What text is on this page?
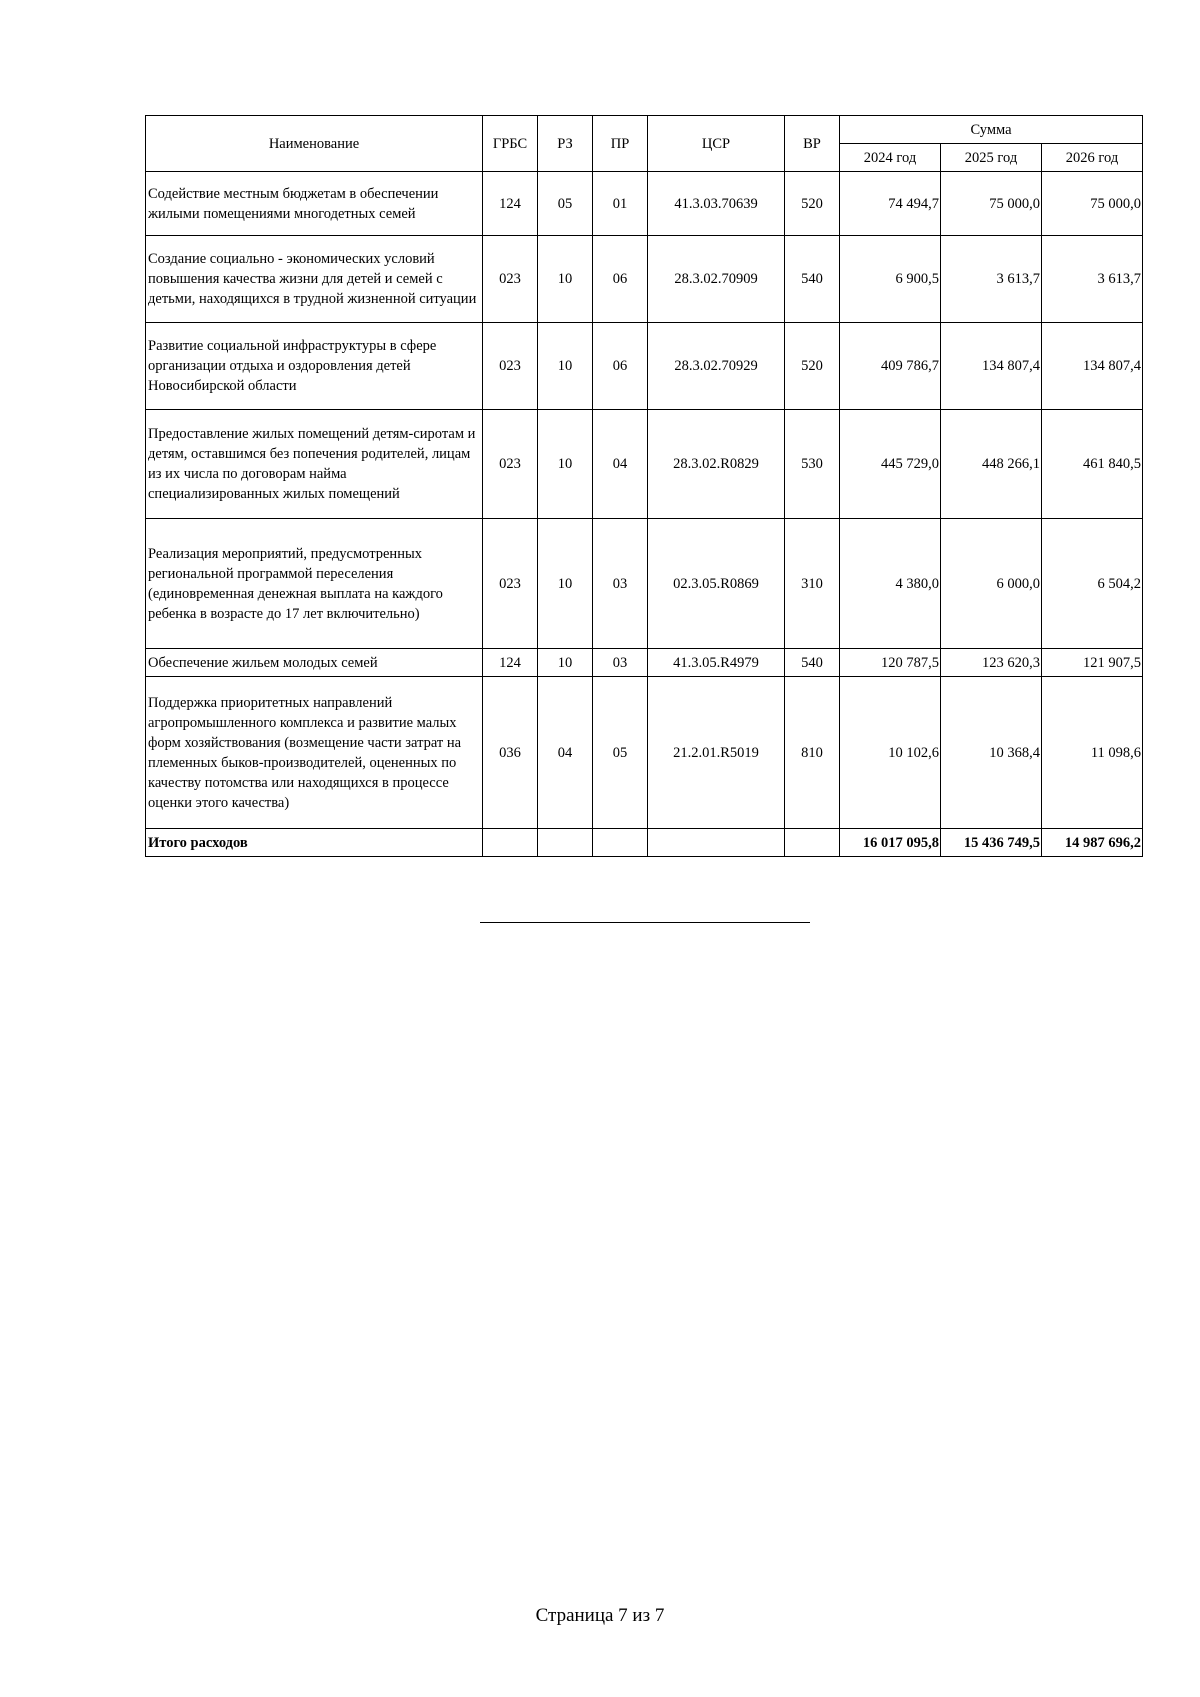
Наименование	ГРБС	РЗ	ПР	ЦСР	ВР	Сумма		
						2024 год	2025 год	2026 год
Содействие местным бюджетам в обеспечении жилыми помещениями многодетных семей	124	05	01	41.3.03.70639	520	74 494,7	75 000,0	75 000,0
Создание социально - экономических условий повышения качества жизни для детей и семей с детьми, находящихся в трудной жизненной ситуации	023	10	06	28.3.02.70909	540	6 900,5	3 613,7	3 613,7
Развитие социальной инфраструктуры в сфере организации отдыха и оздоровления детей Новосибирской области	023	10	06	28.3.02.70929	520	409 786,7	134 807,4	134 807,4
Предоставление жилых помещений детям-сиротам и детям, оставшимся без попечения родителей, лицам из их числа по договорам найма специализированных жилых помещений	023	10	04	28.3.02.R0829	530	445 729,0	448 266,1	461 840,5
Реализация мероприятий, предусмотренных региональной программой переселения (единовременная денежная выплата на каждого ребенка в возрасте до 17 лет включительно)	023	10	03	02.3.05.R0869	310	4 380,0	6 000,0	6 504,2
Обеспечение жильем молодых семей	124	10	03	41.3.05.R4979	540	120 787,5	123 620,3	121 907,5
Поддержка приоритетных направлений агропромышленного комплекса и развитие малых форм хозяйствования (возмещение части затрат на племенных быков-производителей, оцененных по качеству потомства или находящихся в процессе оценки этого качества)	036	04	05	21.2.01.R5019	810	10 102,6	10 368,4	11 098,6
Итого расходов						16 017 095,8	15 436 749,5	14 987 696,2
Страница 7 из 7
